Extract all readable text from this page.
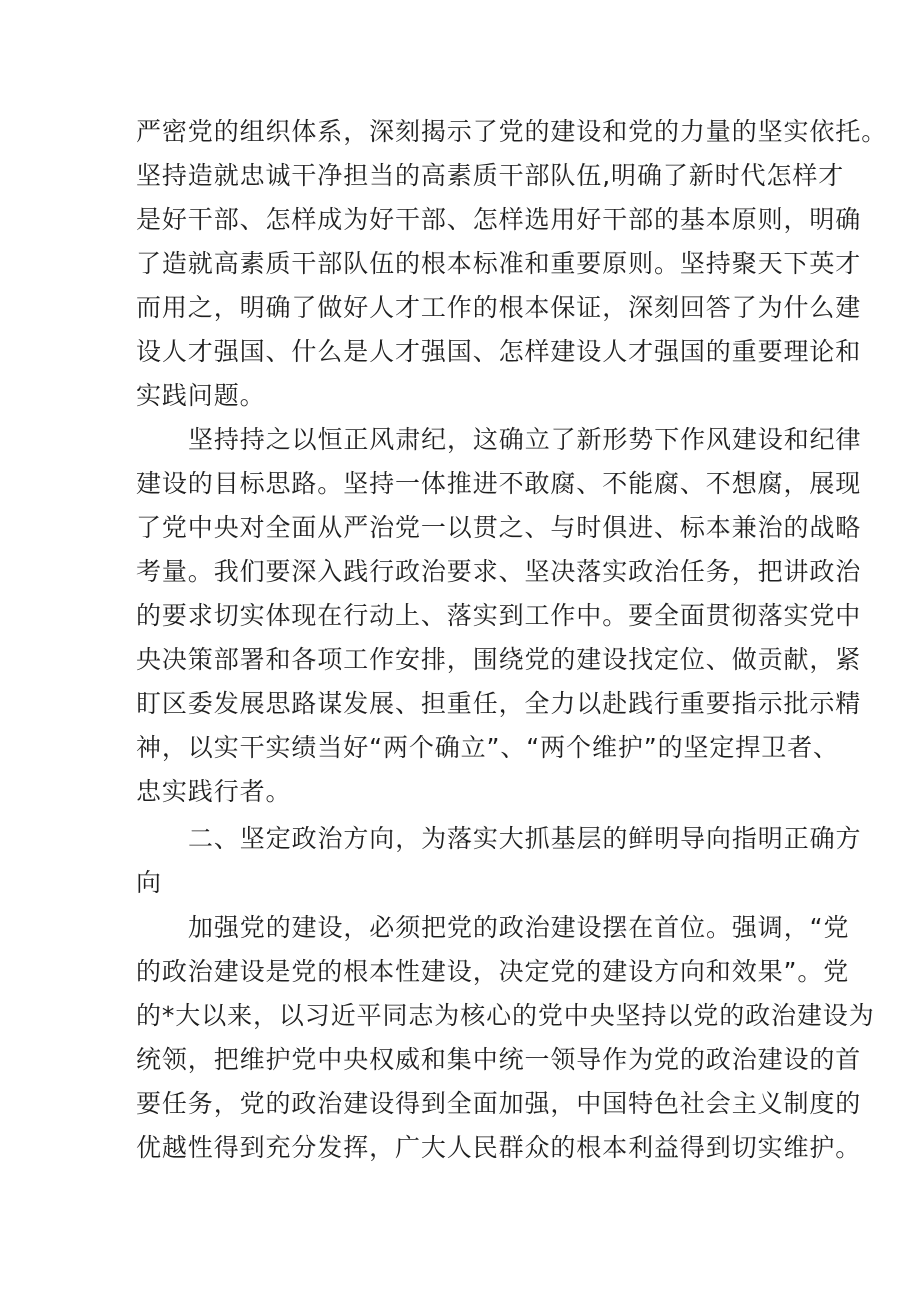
严密党的组织体系，深刻揭示了党的建设和党的力量的坚实依托。

坚持造就忠诚干净担当的高素质干部队伍,明确了新时代怎样才

是好干部、怎样成为好干部、怎样选用好干部的基本原则，明确

了造就高素质干部队伍的根本标准和重要原则。坚持聚天下英才

而用之，明确了做好人才工作的根本保证，深刻回答了为什么建

设人才强国、什么是人才强国、怎样建设人才强国的重要理论和

实践问题。

坚持持之以恒正风肃纪，这确立了新形势下作风建设和纪律

建设的目标思路。坚持一体推进不敢腐、不能腐、不想腐，展现

了党中央对全面从严治党一以贯之、与时俱进、标本兼治的战略

考量。我们要深入践行政治要求、坚决落实政治任务，把讲政治

的要求切实体现在行动上、落实到工作中。要全面贯彻落实党中

央决策部署和各项工作安排，围绕党的建设找定位、做贡献，紧

盯区委发展思路谋发展、担重任，全力以赴践行重要指示批示精

神，以实干实绩当好“两个确立”、“两个维护”的坚定捍卫者、

忠实践行者。

二、坚定政治方向，为落实大抓基层的鲜明导向指明正确方

向

加强党的建设，必须把党的政治建设摆在首位。强调，“党

的政治建设是党的根本性建设，决定党的建设方向和效果”。党

的*大以来，以习近平同志为核心的党中央坚持以党的政治建设为

统领，把维护党中央权威和集中统一领导作为党的政治建设的首

要任务，党的政治建设得到全面加强，中国特色社会主义制度的

优越性得到充分发挥，广大人民群众的根本利益得到切实维护。
